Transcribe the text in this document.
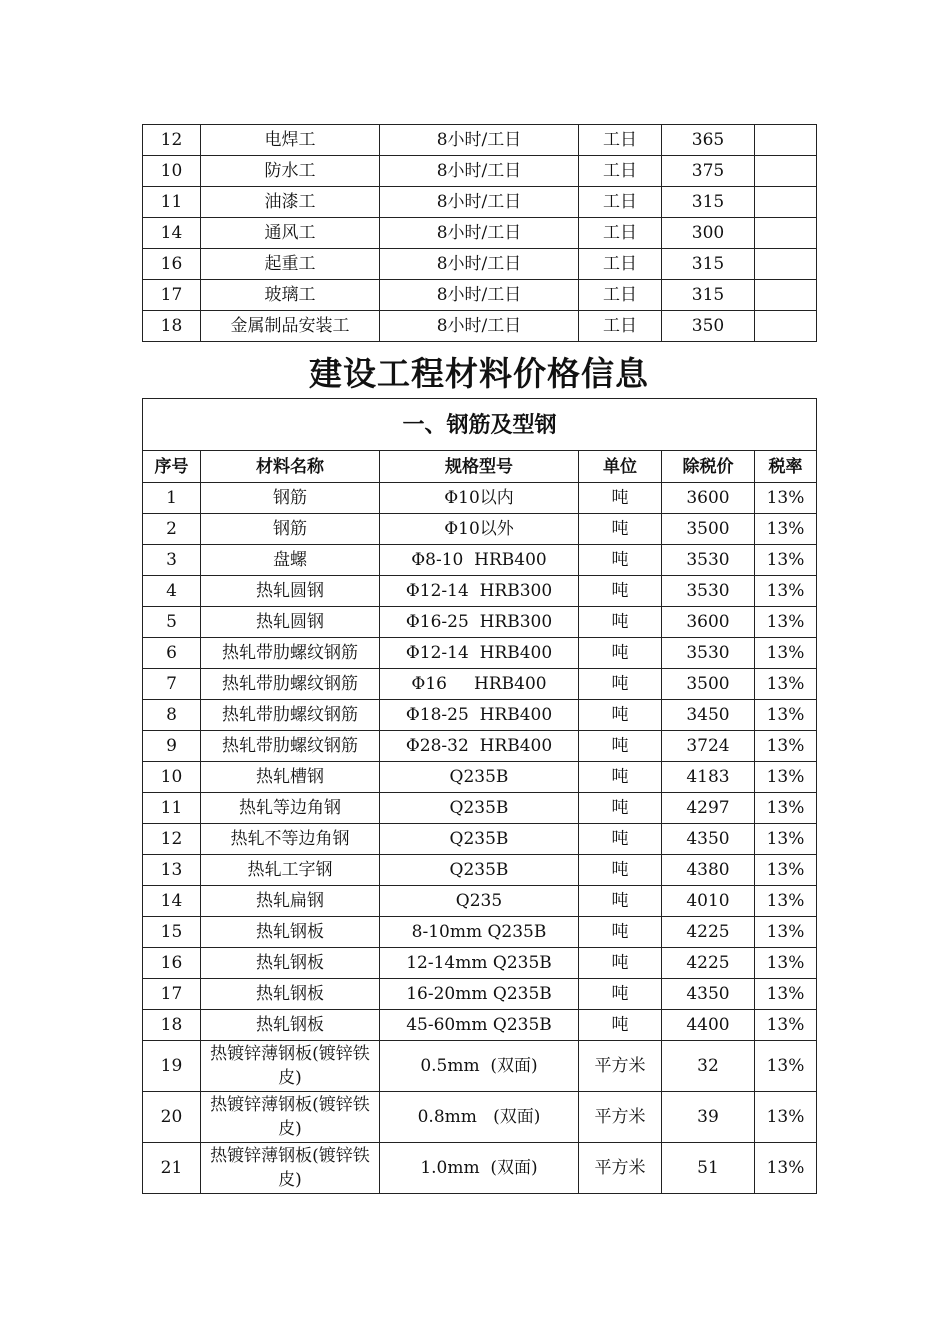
12	电焊工	8小时/工日	工日	365	
10	防水工	8小时/工日	工日	375	
11	油漆工	8小时/工日	工日	315	
14	通风工	8小时/工日	工日	300	
16	起重工	8小时/工日	工日	315	
17	玻璃工	8小时/工日	工日	315	
18	金属制品安装工	8小时/工日	工日	350	
建设工程材料价格信息
一、钢筋及型钢					
序号	材料名称	规格型号	单位	除税价	税率
1	钢筋	Φ10以内	吨	3600	13%
2	钢筋	Φ10以外	吨	3500	13%
3	盘螺	Φ8-10  HRB400	吨	3530	13%
4	热轧圆钢	Φ12-14  HRB300	吨	3530	13%
5	热轧圆钢	Φ16-25  HRB300	吨	3600	13%
6	热轧带肋螺纹钢筋	Φ12-14  HRB400	吨	3530	13%
7	热轧带肋螺纹钢筋	Φ16     HRB400	吨	3500	13%
8	热轧带肋螺纹钢筋	Φ18-25  HRB400	吨	3450	13%
9	热轧带肋螺纹钢筋	Φ28-32  HRB400	吨	3724	13%
10	热轧槽钢	Q235B	吨	4183	13%
11	热轧等边角钢	Q235B	吨	4297	13%
12	热轧不等边角钢	Q235B	吨	4350	13%
13	热轧工字钢	Q235B	吨	4380	13%
14	热轧扁钢	Q235	吨	4010	13%
15	热轧钢板	8-10mm Q235B	吨	4225	13%
16	热轧钢板	12-14mm Q235B	吨	4225	13%
17	热轧钢板	16-20mm Q235B	吨	4350	13%
18	热轧钢板	45-60mm Q235B	吨	4400	13%
19	热镀锌薄钢板(镀锌铁皮)	0.5mm  (双面)	平方米	32	13%
20	热镀锌薄钢板(镀锌铁皮)	0.8mm   (双面)	平方米	39	13%
21	热镀锌薄钢板(镀锌铁皮)	1.0mm  (双面)	平方米	51	13%
